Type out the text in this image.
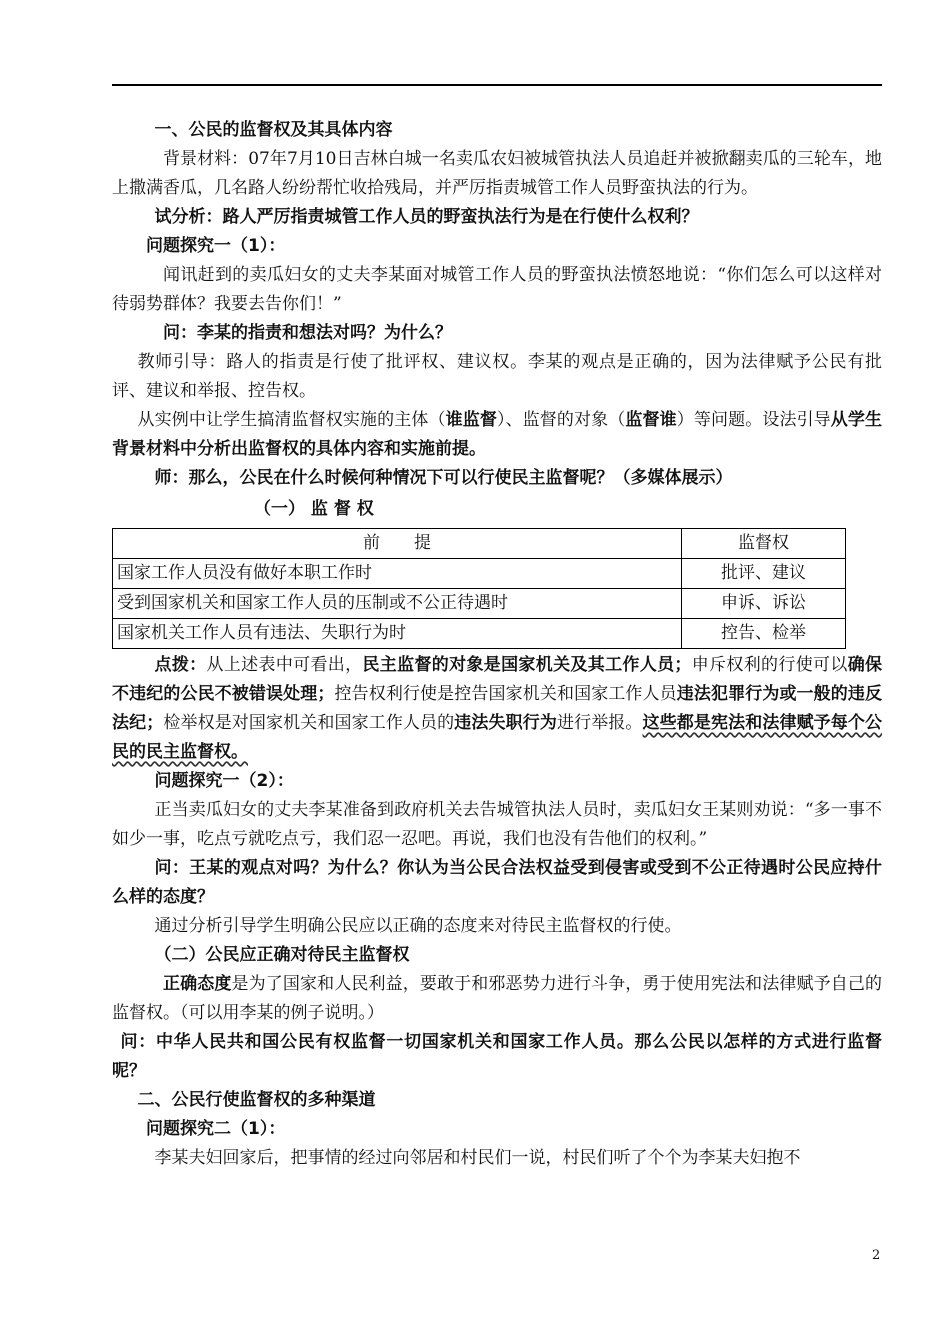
一、公民的监督权及其具体内容

背景材料：07年7月10日吉林白城一名卖瓜农妇被城管执法人员追赶并被掀翻卖瓜的三轮车，地上撒满香瓜，几名路人纷纷帮忙收拾残局，并严厉指责城管工作人员野蛮执法的行为。

试分析：路人严厉指责城管工作人员的野蛮执法行为是在行使什么权利？

问题探究一（1）：

闻讯赶到的卖瓜妇女的丈夫李某面对城管工作人员的野蛮执法愤怒地说：“你们怎么可以这样对待弱势群体？我要去告你们！”

问：李某的指责和想法对吗？为什么？

教师引导：路人的指责是行使了批评权、建议权。李某的观点是正确的，因为法律赋予公民有批评、建议和举报、控告权。

从实例中让学生搞清监督权实施的主体（谁监督）、监督的对象（监督谁）等问题。设法引导从学生背景材料中分析出监督权的具体内容和实施前提。

师：那么，公民在什么时候何种情况下可以行使民主监督呢？（多媒体展示）

（一） 监 督 权

前　　提	监督权
国家工作人员没有做好本职工作时	批评、建议
受到国家机关和国家工作人员的压制或不公正待遇时	申诉、诉讼
国家机关工作人员有违法、失职行为时	控告、检举

点拨：从上述表中可看出，民主监督的对象是国家机关及其工作人员；申斥权利的行使可以确保不违纪的公民不被错误处理；控告权利行使是控告国家机关和国家工作人员违法犯罪行为或一般的违反法纪；检举权是对国家机关和国家工作人员的违法失职行为进行举报。这些都是宪法和法律赋予每个公民的民主监督权。

问题探究一（2）：

正当卖瓜妇女的丈夫李某准备到政府机关去告城管执法人员时，卖瓜妇女王某则劝说：“多一事不如少一事，吃点亏就吃点亏，我们忍一忍吧。再说，我们也没有告他们的权利。”

问：王某的观点对吗？为什么？你认为当公民合法权益受到侵害或受到不公正待遇时公民应持什么样的态度？

通过分析引导学生明确公民应以正确的态度来对待民主监督权的行使。

（二）公民应正确对待民主监督权

正确态度是为了国家和人民利益，要敢于和邪恶势力进行斗争，勇于使用宪法和法律赋予自己的监督权。（可以用李某的例子说明。）

问：中华人民共和国公民有权监督一切国家机关和国家工作人员。那么公民以怎样的方式进行监督呢？

二、公民行使监督权的多种渠道

问题探究二（1）：

李某夫妇回家后，把事情的经过向邻居和村民们一说，村民们听了个个为李某夫妇抱不

2
